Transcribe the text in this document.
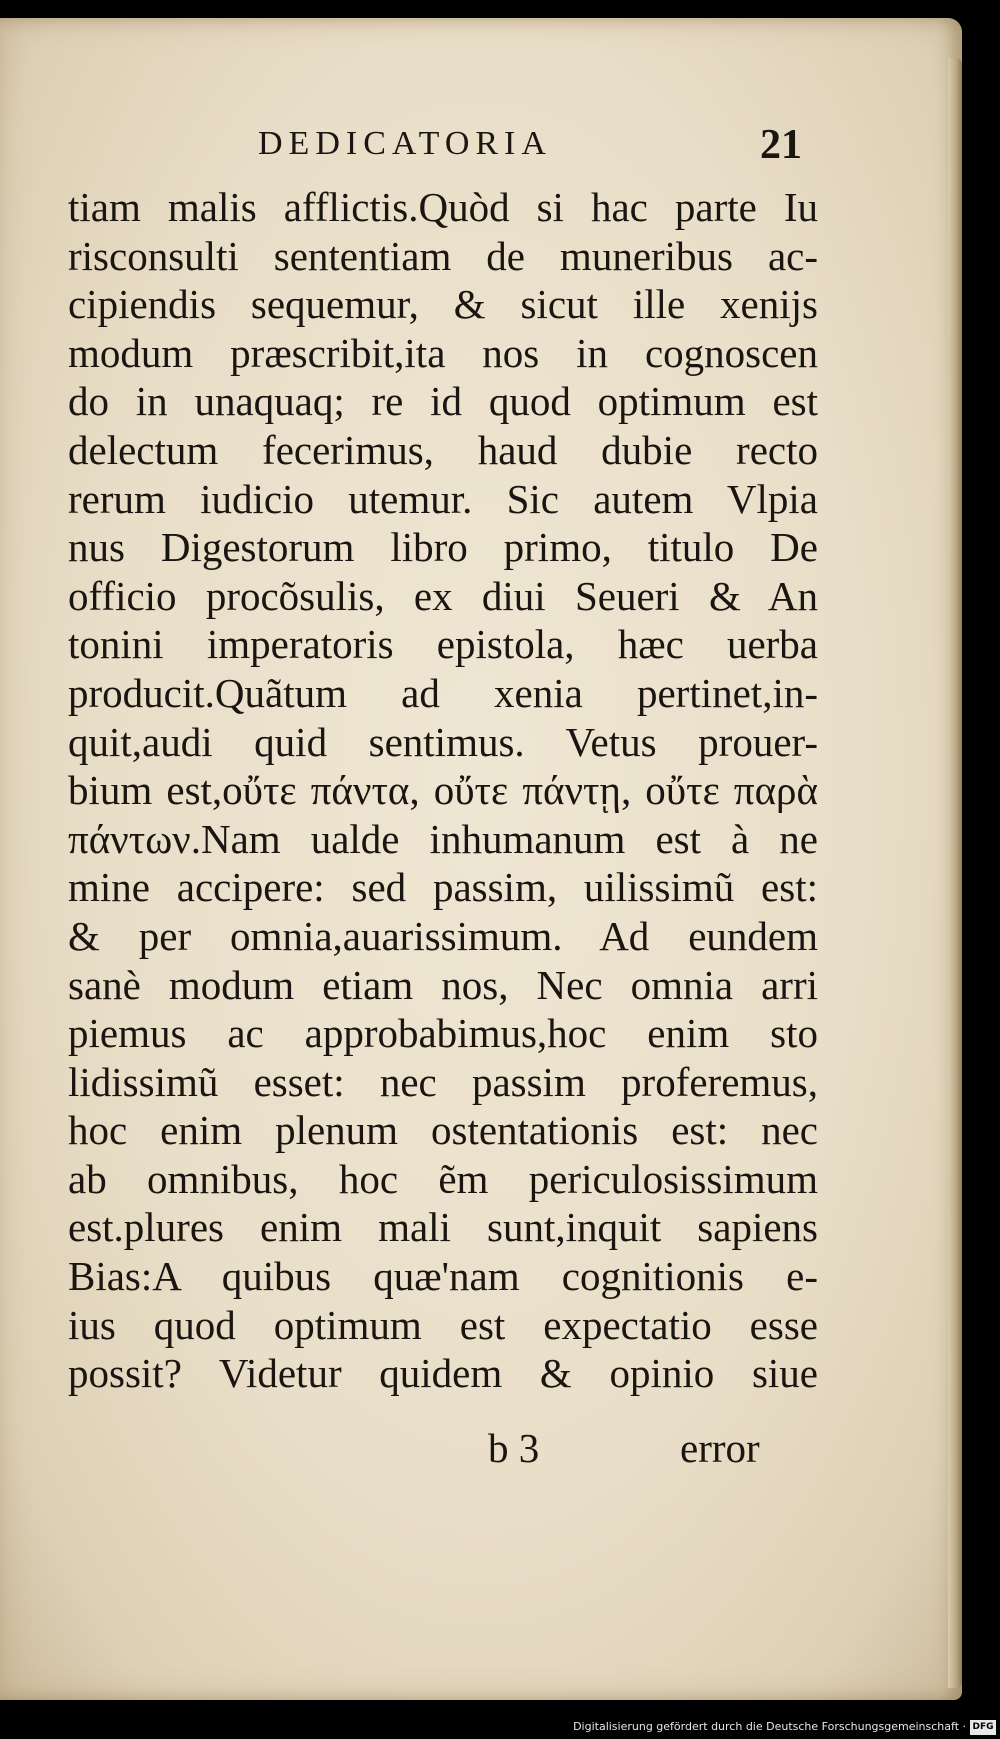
DEDICATORIA	21
tiam malis afflictis.Quòd si hac parte Iu
risconsulti sententiam de muneribus ac-
cipiendis sequemur, & sicut ille xenijs
modum præscribit,ita nos in cognoscen
do in unaquaq; re id quod optimum est
delectum fecerimus, haud dubie recto
rerum iudicio utemur. Sic autem Vlpia
nus Digestorum libro primo, titulo De
officio procõsulis, ex diui Seueri & An
tonini imperatoris epistola, hæc uerba
producit.Quãtum ad xenia pertinet,in-
quit,audi quid sentimus. Vetus prouer-
bium est,οὔτε πάντα, οὔτε πάντῃ, οὔτε παρὰ
πάντων.Nam ualde inhumanum est à ne
mine accipere: sed passim, uilissimũ est:
& per omnia,auarissimum. Ad eundem
sanè modum etiam nos, Nec omnia arri
piemus ac approbabimus,hoc enim sto
lidissimũ esset: nec passim proferemus,
hoc enim plenum ostentationis est: nec
ab omnibus, hoc ẽm periculosissimum
est.plures enim mali sunt,inquit sapiens
Bias:A quibus quæ'nam cognitionis e-
ius quod optimum est expectatio esse
possit? Videtur quidem & opinio siue
b 3	error
Digitalisierung gefördert durch die Deutsche Forschungsgemeinschaft · DFG
